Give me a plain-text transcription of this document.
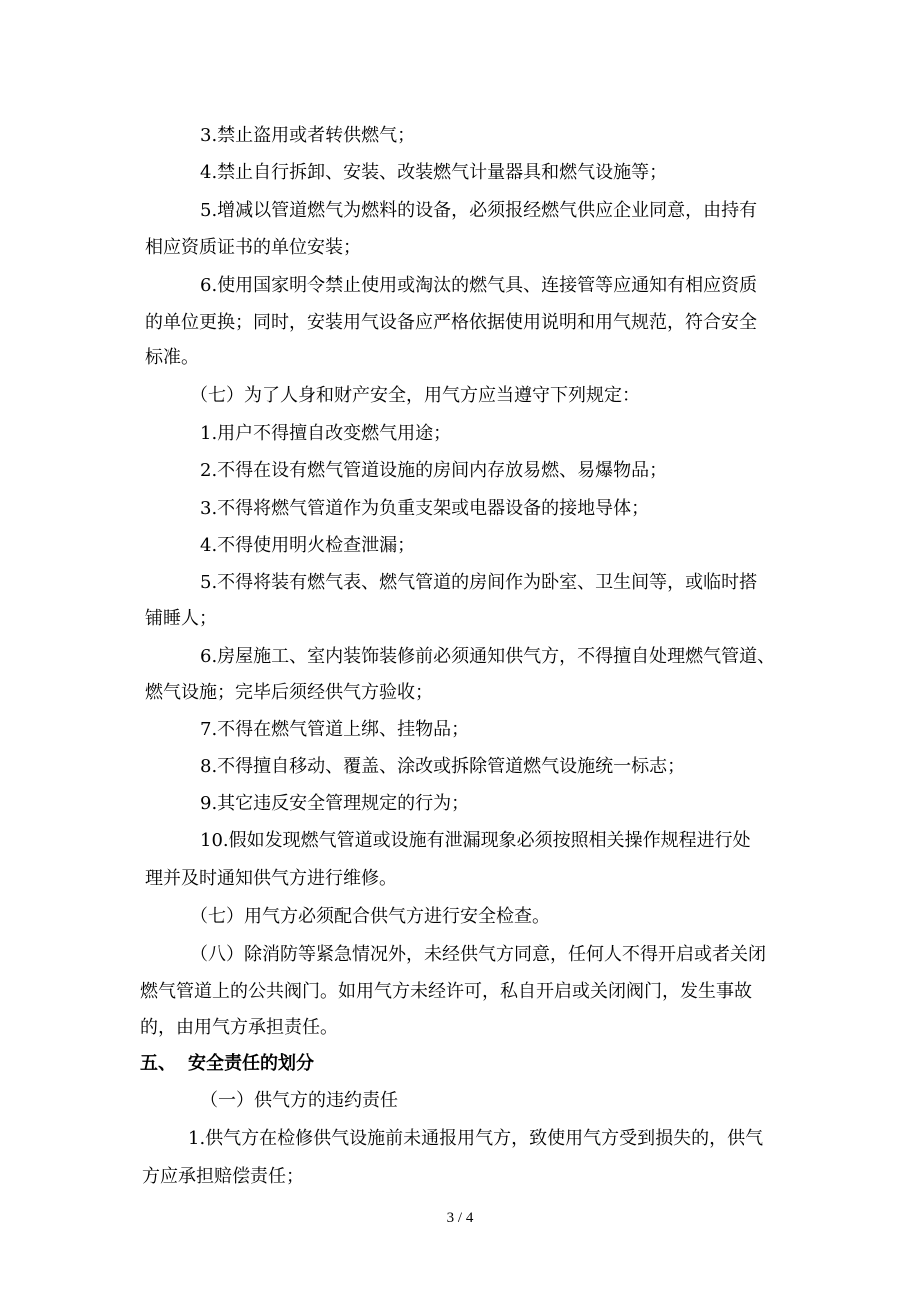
3.禁止盗用或者转供燃气；
4.禁止自行拆卸、安装、改装燃气计量器具和燃气设施等；
5.增减以管道燃气为燃料的设备，必须报经燃气供应企业同意，由持有
相应资质证书的单位安装；
6.使用国家明令禁止使用或淘汰的燃气具、连接管等应通知有相应资质
的单位更换；同时，安装用气设备应严格依据使用说明和用气规范，符合安全
标准。
（七）为了人身和财产安全，用气方应当遵守下列规定：
1.用户不得擅自改变燃气用途；
2.不得在设有燃气管道设施的房间内存放易燃、易爆物品；
3.不得将燃气管道作为负重支架或电器设备的接地导体；
4.不得使用明火检查泄漏；
5.不得将装有燃气表、燃气管道的房间作为卧室、卫生间等，或临时搭
铺睡人；
6.房屋施工、室内装饰装修前必须通知供气方，不得擅自处理燃气管道、
燃气设施；完毕后须经供气方验收；
7.不得在燃气管道上绑、挂物品；
8.不得擅自移动、覆盖、涂改或拆除管道燃气设施统一标志；
9.其它违反安全管理规定的行为；
10.假如发现燃气管道或设施有泄漏现象必须按照相关操作规程进行处
理并及时通知供气方进行维修。
（七）用气方必须配合供气方进行安全检查。
（八）除消防等紧急情况外，未经供气方同意，任何人不得开启或者关闭
燃气管道上的公共阀门。如用气方未经许可，私自开启或关闭阀门，发生事故
的，由用气方承担责任。
五、 安全责任的划分
（一）供气方的违约责任
1.供气方在检修供气设施前未通报用气方，致使用气方受到损失的，供气
方应承担赔偿责任；
3 / 4
